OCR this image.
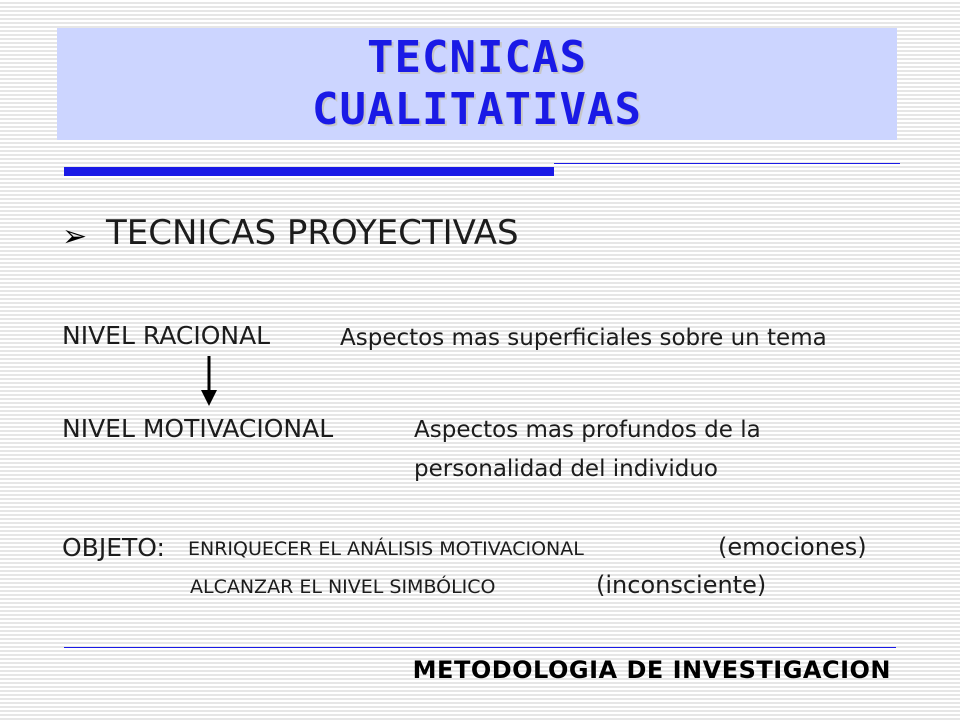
TECNICAS
CUALITATIVAS
➢ TECNICAS PROYECTIVAS
NIVEL RACIONAL	Aspectos mas superficiales sobre un tema
NIVEL MOTIVACIONAL	Aspectos mas profundos de la
personalidad del individuo
OBJETO: ENRIQUECER EL ANÁLISIS MOTIVACIONAL	(emociones)
ALCANZAR EL NIVEL SIMBÓLICO	(inconsciente)
METODOLOGIA DE INVESTIGACION
